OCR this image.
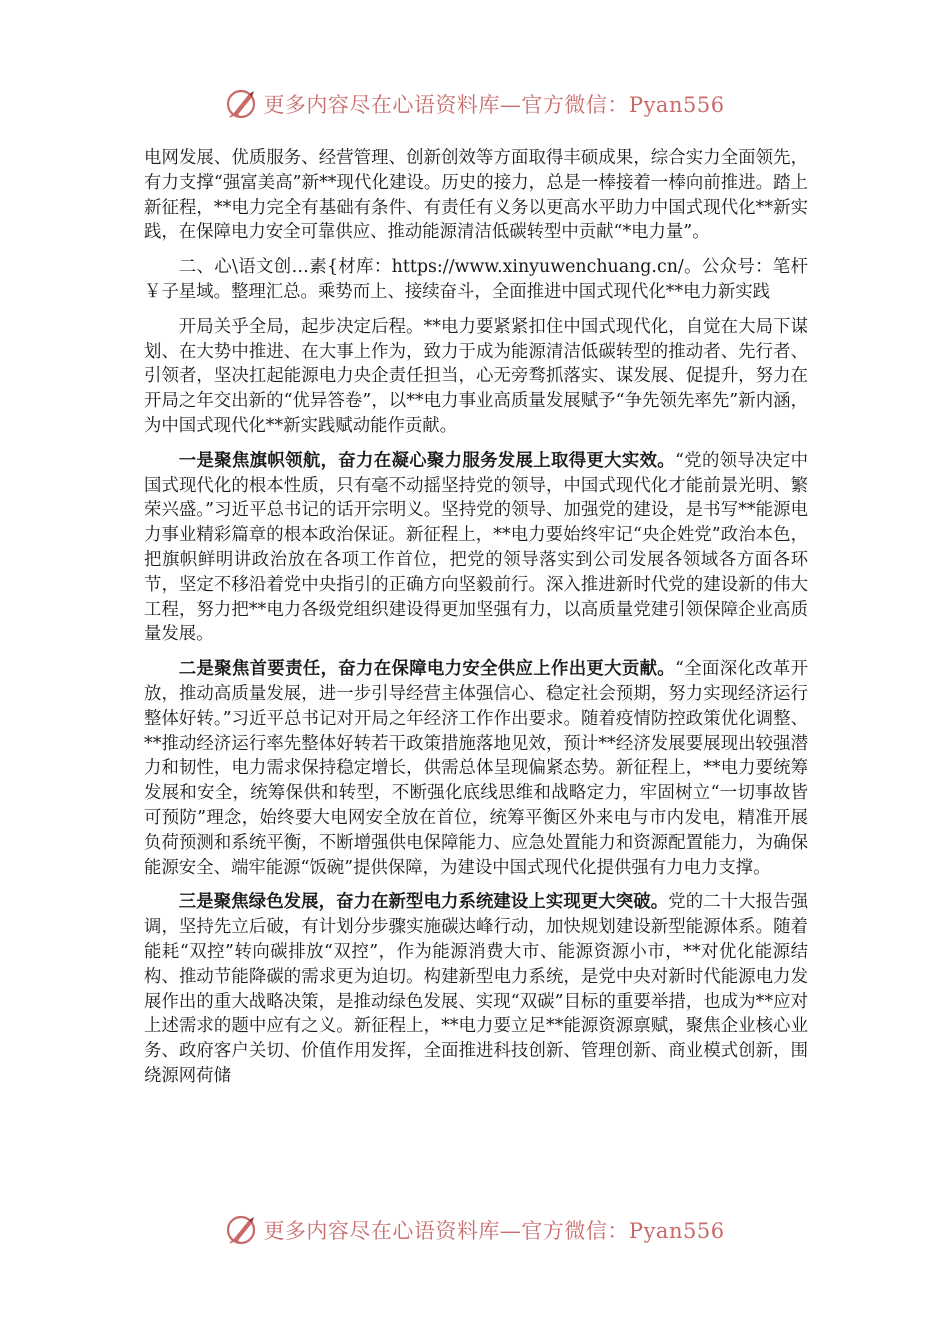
更多内容尽在心语资料库—官方微信：Pyan556

电网发展、优质服务、经营管理、创新创效等方面取得丰硕成果，综合实力全面领先，有力支撑“强富美高”新**现代化建设。历史的接力，总是一棒接着一棒向前推进。踏上新征程，**电力完全有基础有条件、有责任有义务以更高水平助力中国式现代化**新实践，在保障电力安全可靠供应、推动能源清洁低碳转型中贡献“*电力量”。

二、心\语文创…素{材库：https://www.xinyuwenchuang.cn/。公众号：笔杆￥子星域。整理汇总。乘势而上、接续奋斗，全面推进中国式现代化**电力新实践

开局关乎全局，起步决定后程。**电力要紧紧扣住中国式现代化，自觉在大局下谋划、在大势中推进、在大事上作为，致力于成为能源清洁低碳转型的推动者、先行者、引领者，坚决扛起能源电力央企责任担当，心无旁骛抓落实、谋发展、促提升，努力在开局之年交出新的“优异答卷”，以**电力事业高质量发展赋予“争先领先率先”新内涵，为中国式现代化**新实践赋动能作贡献。

一是聚焦旗帜领航，奋力在凝心聚力服务发展上取得更大实效。“党的领导决定中国式现代化的根本性质，只有毫不动摇坚持党的领导，中国式现代化才能前景光明、繁荣兴盛。”习近平总书记的话开宗明义。坚持党的领导、加强党的建设，是书写**能源电力事业精彩篇章的根本政治保证。新征程上，**电力要始终牢记“央企姓党”政治本色，把旗帜鲜明讲政治放在各项工作首位，把党的领导落实到公司发展各领域各方面各环节，坚定不移沿着党中央指引的正确方向坚毅前行。深入推进新时代党的建设新的伟大工程，努力把**电力各级党组织建设得更加坚强有力，以高质量党建引领保障企业高质量发展。

二是聚焦首要责任，奋力在保障电力安全供应上作出更大贡献。“全面深化改革开放，推动高质量发展，进一步引导经营主体强信心、稳定社会预期，努力实现经济运行整体好转。”习近平总书记对开局之年经济工作作出要求。随着疫情防控政策优化调整、**推动经济运行率先整体好转若干政策措施落地见效，预计**经济发展要展现出较强潜力和韧性，电力需求保持稳定增长，供需总体呈现偏紧态势。新征程上，**电力要统筹发展和安全，统筹保供和转型，不断强化底线思维和战略定力，牢固树立“一切事故皆可预防”理念，始终要大电网安全放在首位，统筹平衡区外来电与市内发电，精准开展负荷预测和系统平衡，不断增强供电保障能力、应急处置能力和资源配置能力，为确保能源安全、端牢能源“饭碗”提供保障，为建设中国式现代化提供强有力电力支撑。

三是聚焦绿色发展，奋力在新型电力系统建设上实现更大突破。党的二十大报告强调，坚持先立后破，有计划分步骤实施碳达峰行动，加快规划建设新型能源体系。随着能耗“双控”转向碳排放“双控”，作为能源消费大市、能源资源小市，**对优化能源结构、推动节能降碳的需求更为迫切。构建新型电力系统，是党中央对新时代能源电力发展作出的重大战略决策，是推动绿色发展、实现“双碳”目标的重要举措，也成为**应对上述需求的题中应有之义。新征程上，**电力要立足**能源资源禀赋，聚焦企业核心业务、政府客户关切、价值作用发挥，全面推进科技创新、管理创新、商业模式创新，围绕源网荷储

更多内容尽在心语资料库—官方微信：Pyan556
